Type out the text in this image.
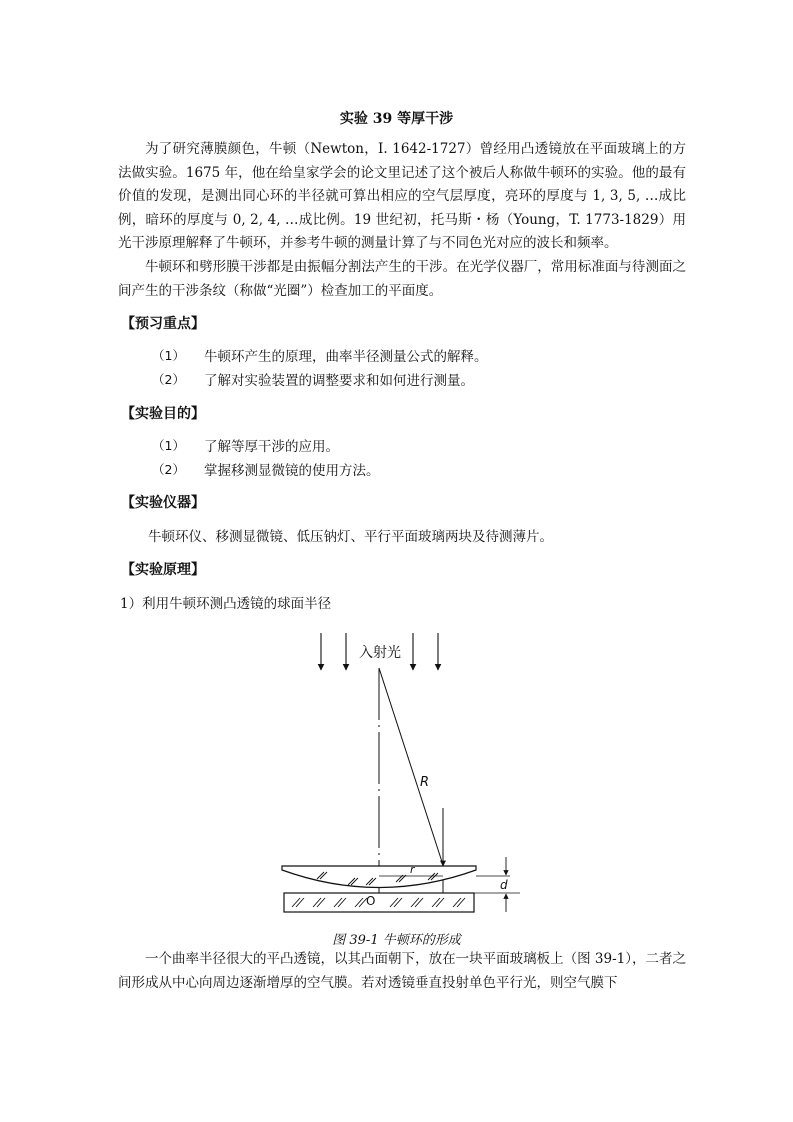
实验 39 等厚干涉
为了研究薄膜颜色，牛顿（Newton，I. 1642-1727）曾经用凸透镜放在平面玻璃上的方法做实验。1675 年，他在给皇家学会的论文里记述了这个被后人称做牛顿环的实验。他的最有价值的发现，是测出同心环的半径就可算出相应的空气层厚度，亮环的厚度与 1, 3, 5, …成比例，暗环的厚度与 0, 2, 4, …成比例。19 世纪初，托马斯・杨（Young，T. 1773-1829）用光干涉原理解释了牛顿环，并参考牛顿的测量计算了与不同色光对应的波长和频率。
牛顿环和劈形膜干涉都是由振幅分割法产生的干涉。在光学仪器厂，常用标准面与待测面之间产生的干涉条纹（称做“光圈”）检查加工的平面度。
【预习重点】
（1） 牛顿环产生的原理，曲率半径测量公式的解释。
（2） 了解对实验装置的调整要求和如何进行测量。
【实验目的】
（1） 了解等厚干涉的应用。
（2） 掌握移测显微镜的使用方法。
【实验仪器】
牛顿环仪、移测显微镜、低压钠灯、平行平面玻璃两块及待测薄片。
【实验原理】
1）利用牛顿环测凸透镜的球面半径
入射光
R
r
O
d
图 39-1 牛顿环的形成
一个曲率半径很大的平凸透镜，以其凸面朝下，放在一块平面玻璃板上（图 39-1），二者之间形成从中心向周边逐渐增厚的空气膜。若对透镜垂直投射单色平行光，则空气膜下
